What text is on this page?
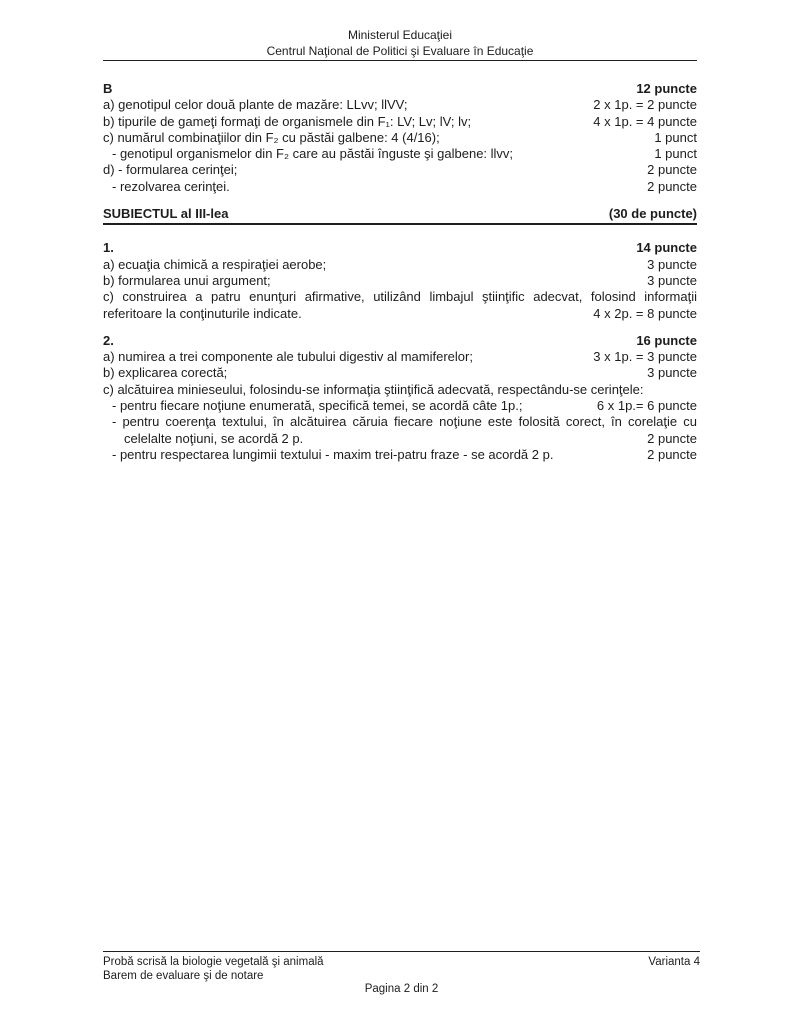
Ministerul Educaţiei
Centrul Naţional de Politici şi Evaluare în Educaţie
B	12 puncte
a) genotipul celor două plante de mazăre: LLvv; llVV;	2 x 1p. = 2 puncte
b) tipurile de gameţi formaţi de organismele din F₁: LV; Lv; lV; lv;	4 x 1p. = 4 puncte
c) numărul combinaţiilor din F₂ cu păstăi galbene: 4 (4/16);	1 punct
- genotipul organismelor din F₂ care au păstăi înguste şi galbene: llvv;	1 punct
d) - formularea cerinţei;	2 puncte
- rezolvarea cerinţei.	2 puncte
SUBIECTUL al III-lea	(30 de puncte)
1.	14 puncte
a) ecuaţia chimică a respiraţiei aerobe;	3 puncte
b) formularea unui argument;	3 puncte
c) construirea a patru enunţuri afirmative, utilizând limbajul ştiinţific adecvat, folosind informaţii
referitoare la conţinuturile indicate.	4 x 2p. = 8 puncte
2.	16 puncte
a) numirea a trei componente ale tubului digestiv al mamiferelor;	3 x 1p. = 3 puncte
b) explicarea corectă;	3 puncte
c) alcătuirea minieseului, folosindu-se informaţia ştiinţifică adecvată, respectându-se cerinţele:
- pentru fiecare noţiune enumerată, specifică temei, se acordă câte 1p.;	6 x 1p.= 6 puncte
- pentru coerenţa textului, în alcătuirea căruia fiecare noţiune este folosită corect, în corelaţie cu
celelalte noţiuni, se acordă 2 p.	2 puncte
- pentru respectarea lungimii textului - maxim trei-patru fraze - se acordă 2 p.	2 puncte
Probă scrisă la biologie vegetală şi animală	Varianta 4
Barem de evaluare şi de notare
Pagina 2 din 2
